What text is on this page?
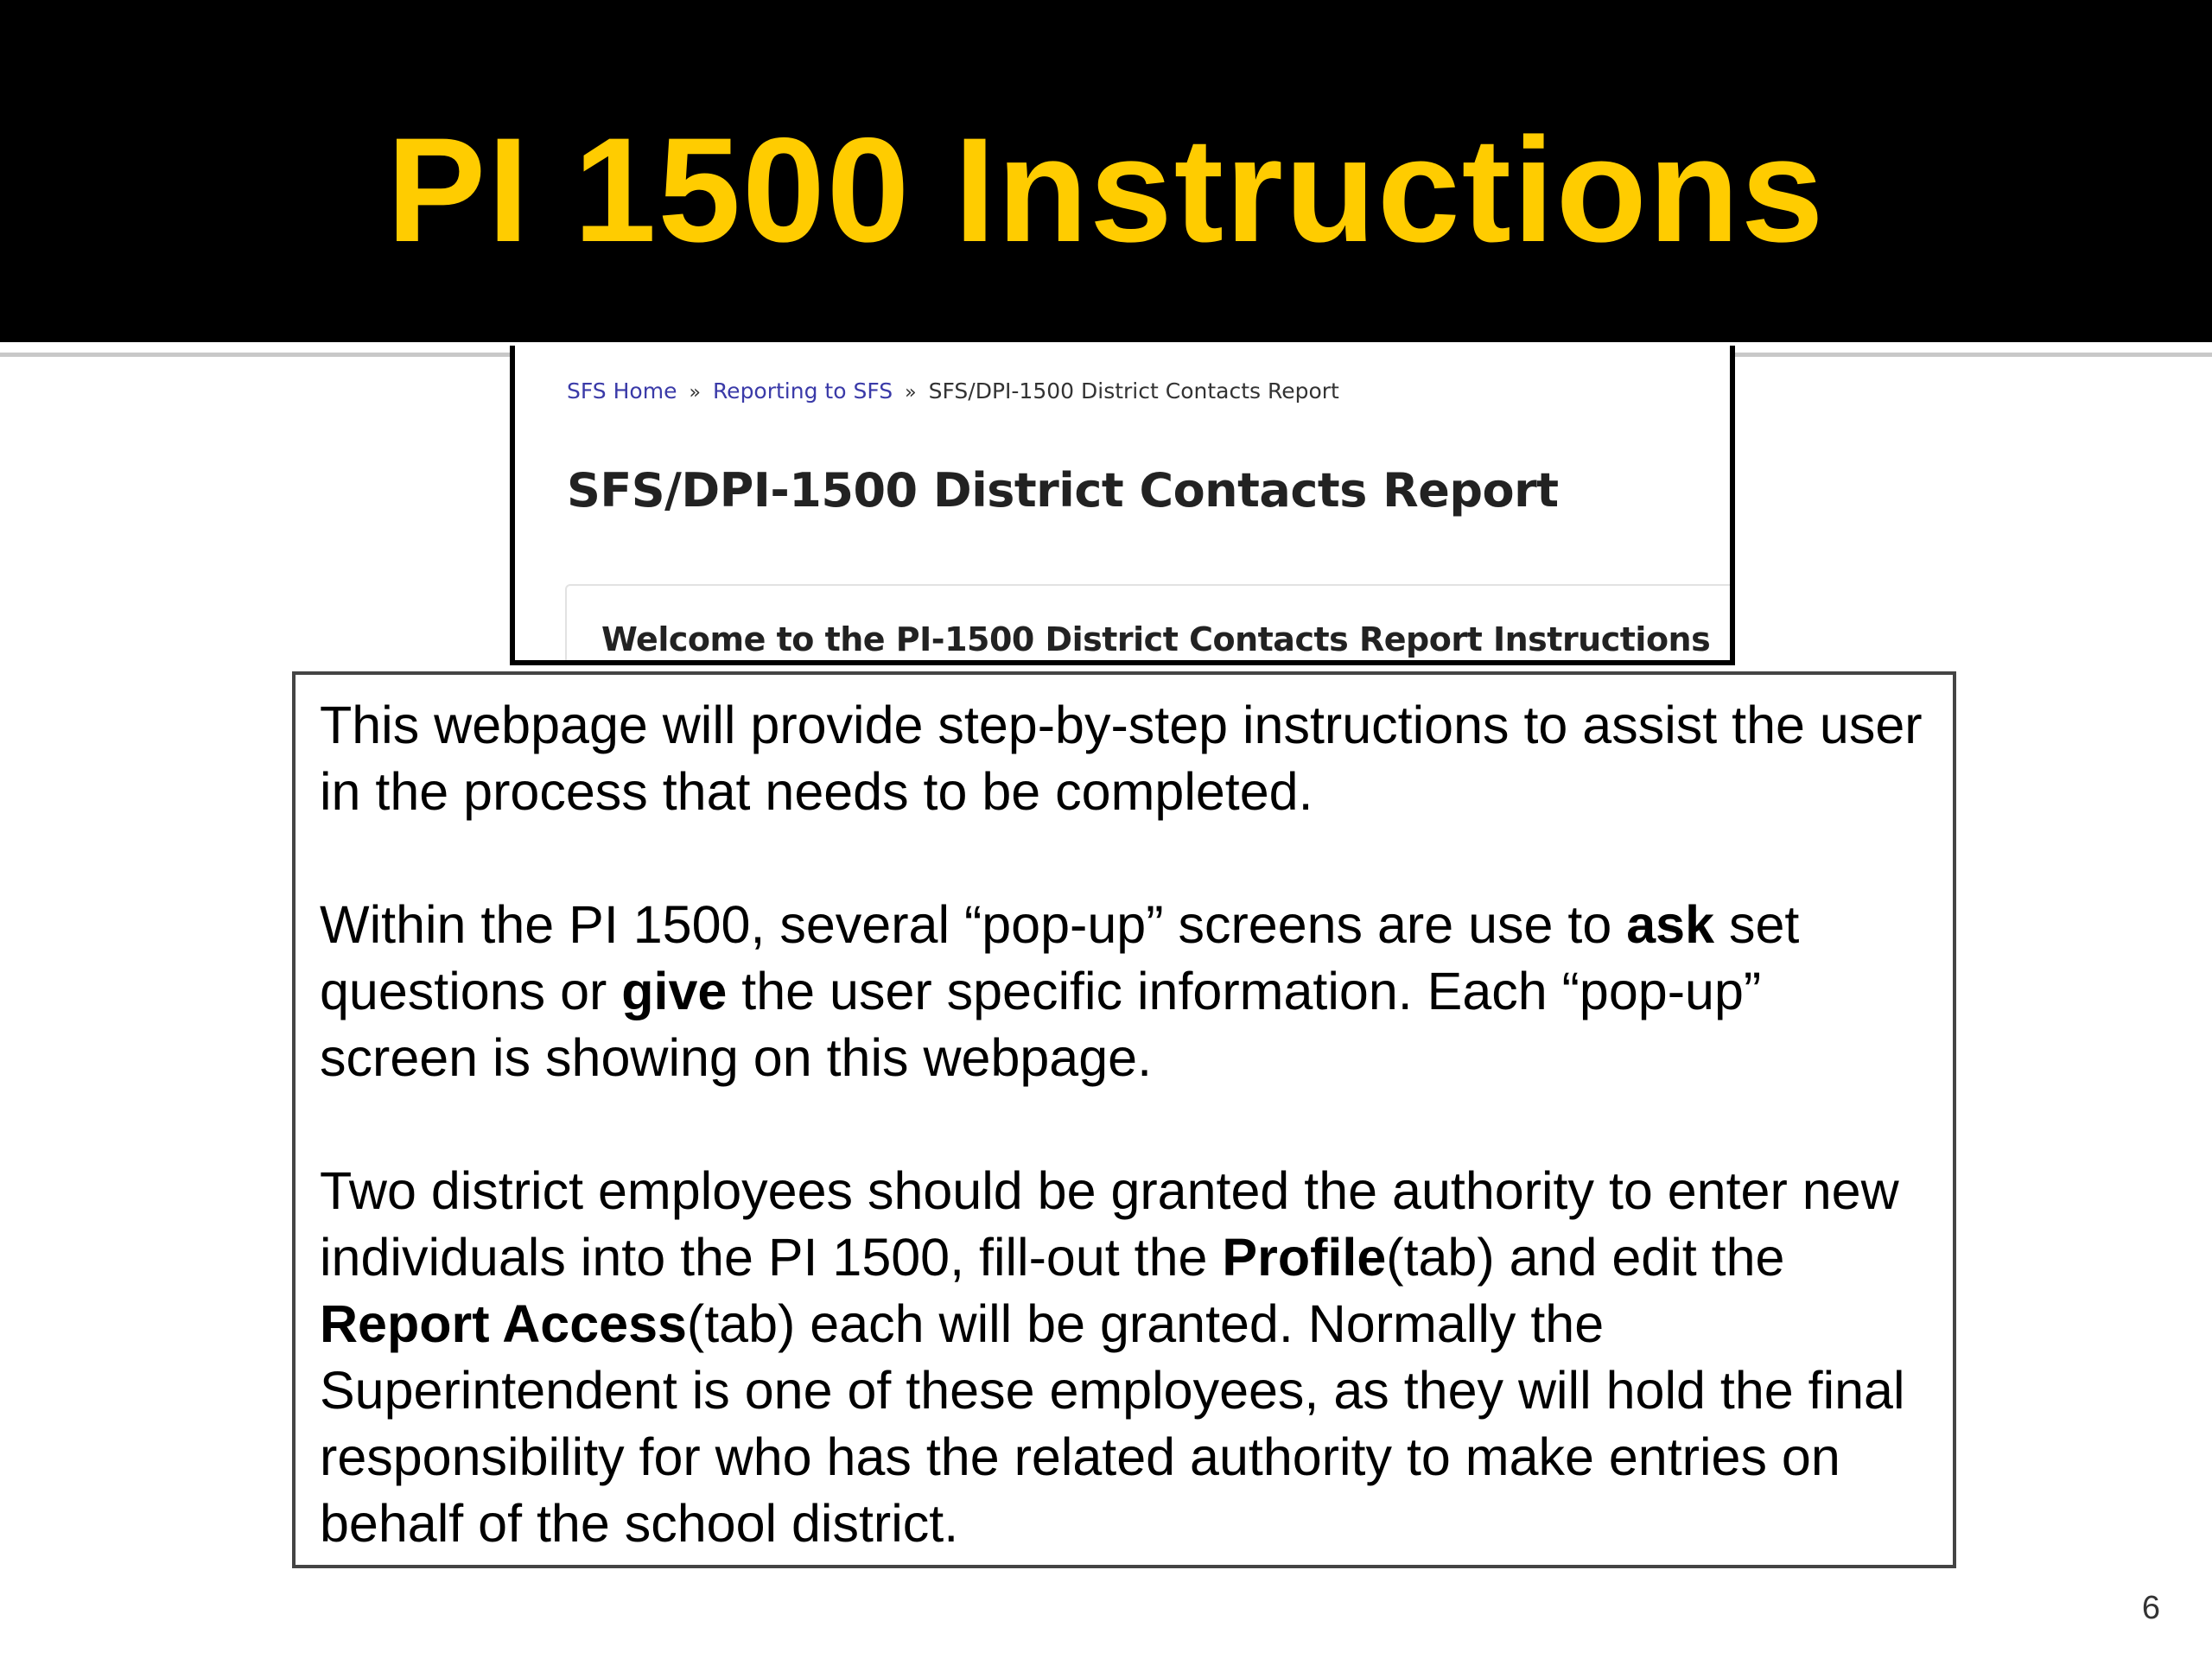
PI 1500 Instructions
SFS Home » Reporting to SFS » SFS/DPI-1500 District Contacts Report
SFS/DPI-1500 District Contacts Report
Welcome to the PI-1500 District Contacts Report Instructions

This webpage will provide step-by-step instructions to assist the user in the process that needs to be completed.

Within the PI 1500, several “pop-up” screens are use to ask set questions or give the user specific information. Each “pop-up” screen is showing on this webpage.

Two district employees should be granted the authority to enter new individuals into the PI 1500, fill-out the Profile(tab) and edit the Report Access(tab) each will be granted. Normally the Superintendent is one of these employees, as they will hold the final responsibility for who has the related authority to make entries on behalf of the school district.

6
